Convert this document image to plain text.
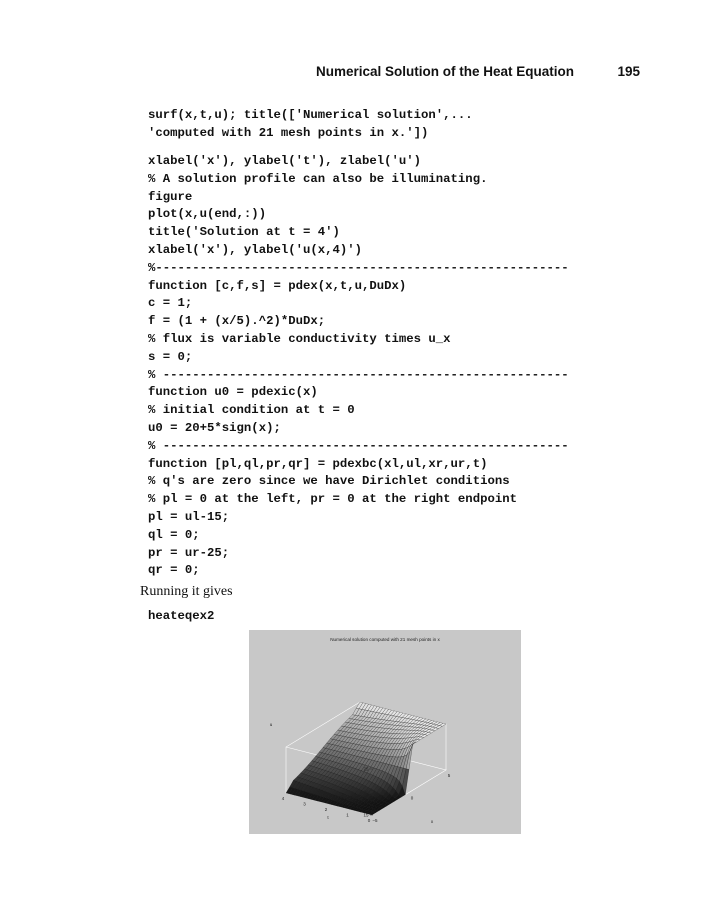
Numerical Solution of the Heat Equation	195
surf(x,t,u); title(['Numerical solution',...
'computed with 21 mesh points in x.'])
xlabel('x'), ylabel('t'), zlabel('u')
% A solution profile can also be illuminating.
figure
plot(x,u(end,:))
title('Solution at t = 4')
xlabel('x'), ylabel('u(x,4)')
%--------------------------------------------------------
function [c,f,s] = pdex(x,t,u,DuDx)
c = 1;
f = (1 + (x/5).^2)*DuDx;
% flux is variable conductivity times u_x
s = 0;
% -------------------------------------------------------
function u0 = pdexic(x)
% initial condition at t = 0
u0 = 20+5*sign(x);
% -------------------------------------------------------
function [pl,ql,pr,qr] = pdexbc(xl,ul,xr,ur,t)
% q's are zero since we have Dirichlet conditions
% pl = 0 at the left, pr = 0 at the right endpoint
pl = ul-15;
ql = 0;
pr = ur-25;
qr = 0;
Running it gives
heateqex2
25
20
15
4
3
2
1
0 −5
0
5
Numerical solution computed with 21 mesh points in x
u
t
x
